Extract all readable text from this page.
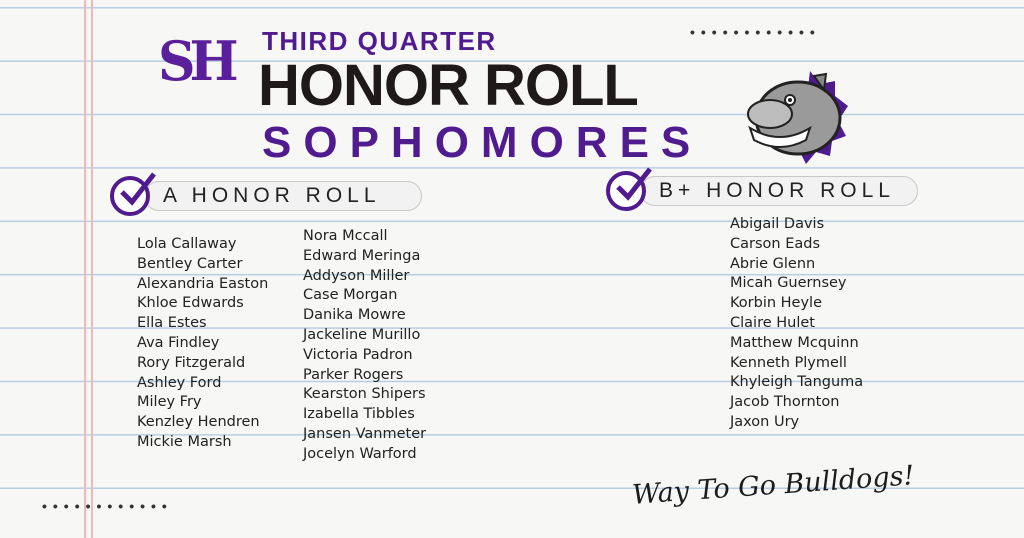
••••••••••••
••••••••••••
SH THIRD QUARTER
HONOR ROLL
SOPHOMORES
A HONOR ROLL	B+ HONOR ROLL
Lola Callaway
Bentley Carter
Alexandria Easton
Khloe Edwards
Ella Estes
Ava Findley
Rory Fitzgerald
Ashley Ford
Miley Fry
Kenzley Hendren
Mickie Marsh
Nora Mccall
Edward Meringa
Addyson Miller
Case Morgan
Danika Mowre
Jackeline Murillo
Victoria Padron
Parker Rogers
Kearston Shipers
Izabella Tibbles
Jansen Vanmeter
Jocelyn Warford
Abigail Davis
Carson Eads
Abrie Glenn
Micah Guernsey
Korbin Heyle
Claire Hulet
Matthew Mcquinn
Kenneth Plymell
Khyleigh Tanguma
Jacob Thornton
Jaxon Ury
Way To Go Bulldogs!
